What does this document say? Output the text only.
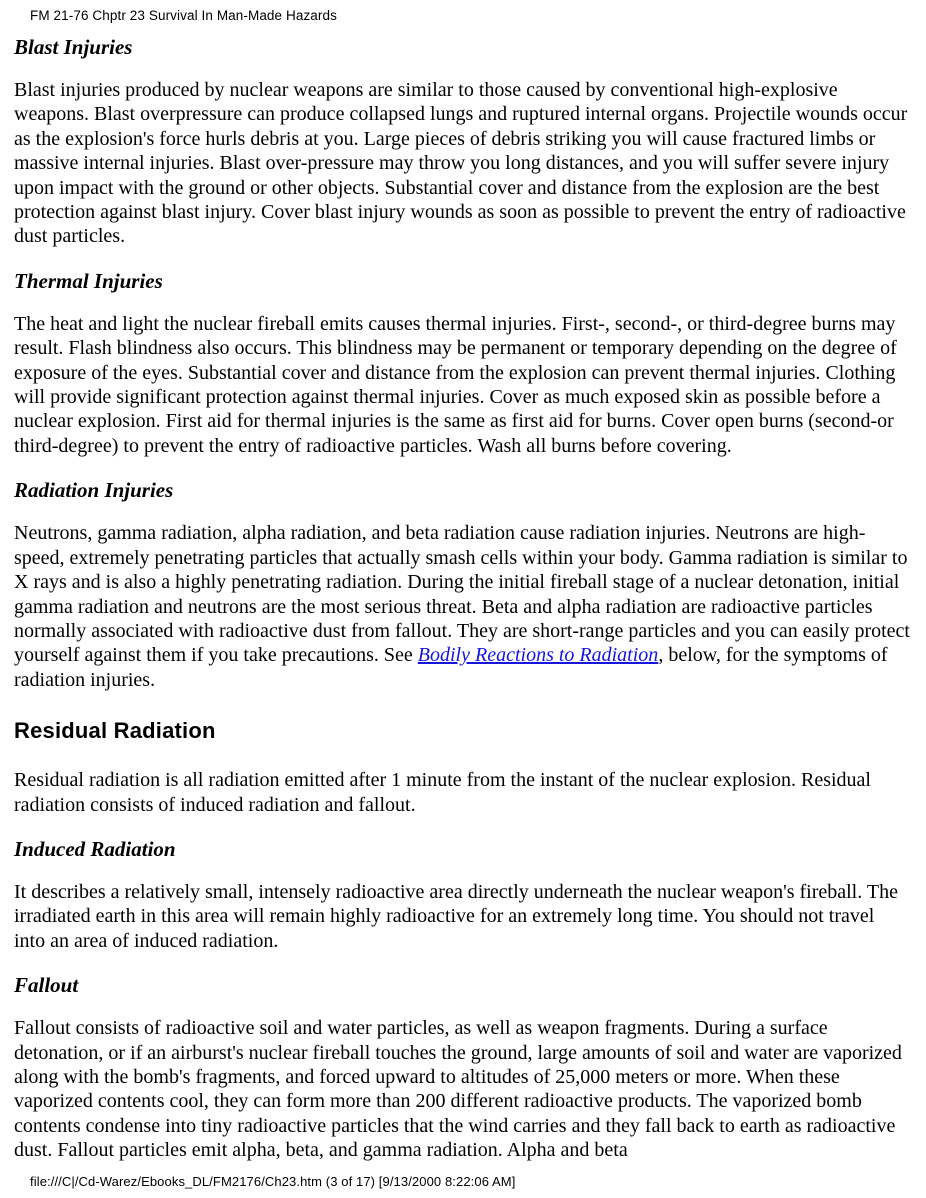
FM 21-76 Chptr 23 Survival In Man-Made Hazards
Blast Injuries

Blast injuries produced by nuclear weapons are similar to those caused by conventional high-explosive weapons. Blast overpressure can produce collapsed lungs and ruptured internal organs. Projectile wounds occur as the explosion's force hurls debris at you. Large pieces of debris striking you will cause fractured limbs or massive internal injuries. Blast over-pressure may throw you long distances, and you will suffer severe injury upon impact with the ground or other objects. Substantial cover and distance from the explosion are the best protection against blast injury. Cover blast injury wounds as soon as possible to prevent the entry of radioactive dust particles.

Thermal Injuries

The heat and light the nuclear fireball emits causes thermal injuries. First-, second-, or third-degree burns may result. Flash blindness also occurs. This blindness may be permanent or temporary depending on the degree of exposure of the eyes. Substantial cover and distance from the explosion can prevent thermal injuries. Clothing will provide significant protection against thermal injuries. Cover as much exposed skin as possible before a nuclear explosion. First aid for thermal injuries is the same as first aid for burns. Cover open burns (second-or third-degree) to prevent the entry of radioactive particles. Wash all burns before covering.

Radiation Injuries

Neutrons, gamma radiation, alpha radiation, and beta radiation cause radiation injuries. Neutrons are high-speed, extremely penetrating particles that actually smash cells within your body. Gamma radiation is similar to X rays and is also a highly penetrating radiation. During the initial fireball stage of a nuclear detonation, initial gamma radiation and neutrons are the most serious threat. Beta and alpha radiation are radioactive particles normally associated with radioactive dust from fallout. They are short-range particles and you can easily protect yourself against them if you take precautions. See Bodily Reactions to Radiation, below, for the symptoms of radiation injuries.

Residual Radiation

Residual radiation is all radiation emitted after 1 minute from the instant of the nuclear explosion. Residual radiation consists of induced radiation and fallout.

Induced Radiation

It describes a relatively small, intensely radioactive area directly underneath the nuclear weapon's fireball. The irradiated earth in this area will remain highly radioactive for an extremely long time. You should not travel into an area of induced radiation.

Fallout

Fallout consists of radioactive soil and water particles, as well as weapon fragments. During a surface detonation, or if an airburst's nuclear fireball touches the ground, large amounts of soil and water are vaporized along with the bomb's fragments, and forced upward to altitudes of 25,000 meters or more. When these vaporized contents cool, they can form more than 200 different radioactive products. The vaporized bomb contents condense into tiny radioactive particles that the wind carries and they fall back to earth as radioactive dust. Fallout particles emit alpha, beta, and gamma radiation. Alpha and beta

file:///C|/Cd-Warez/Ebooks_DL/FM2176/Ch23.htm (3 of 17) [9/13/2000 8:22:06 AM]
